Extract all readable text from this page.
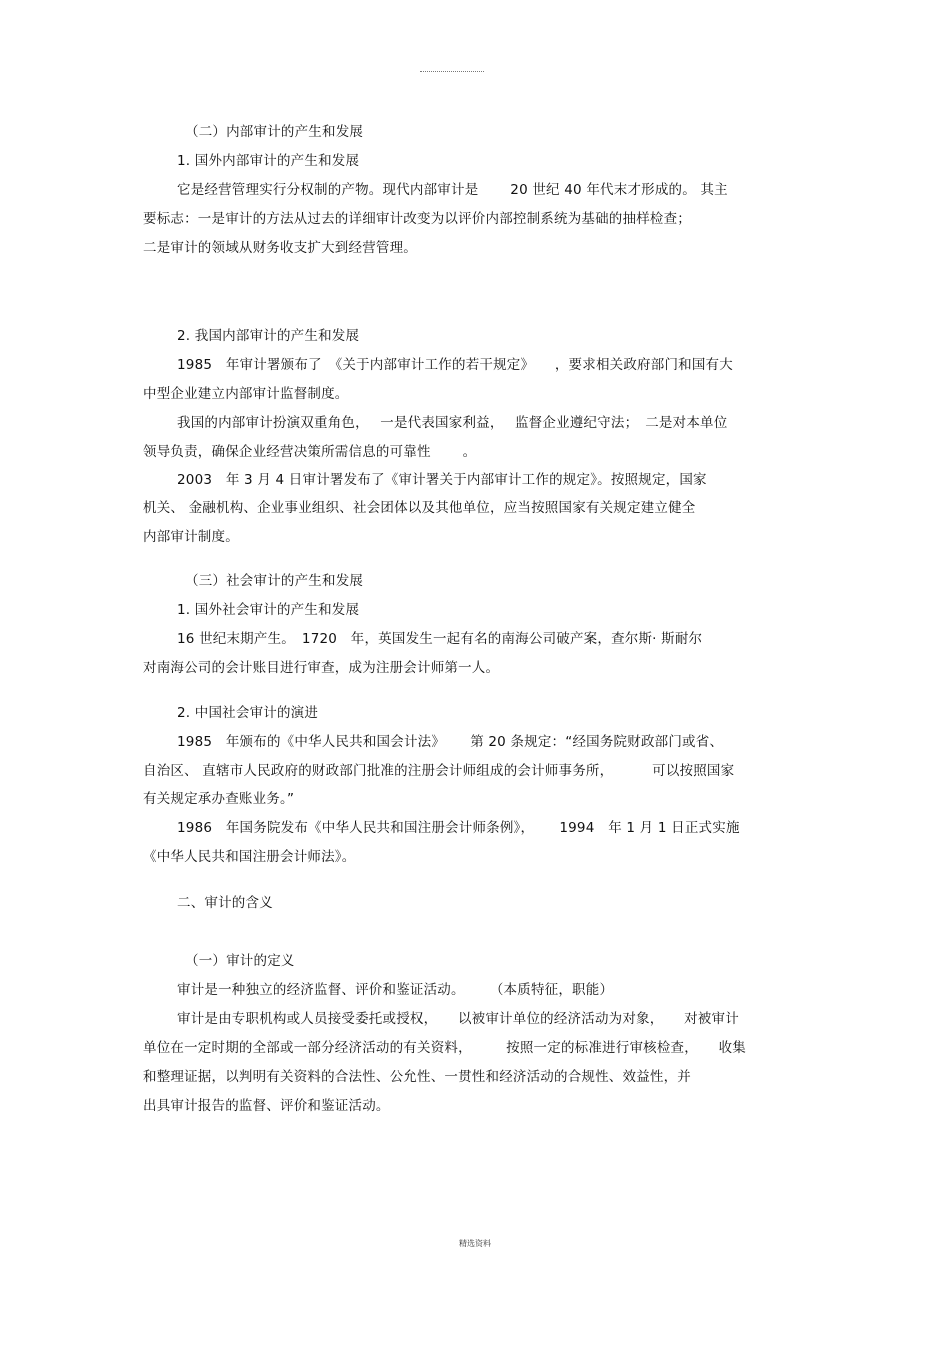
（二）内部审计的产生和发展
1. 国外内部审计的产生和发展
它是经营管理实行分权制的产物。现代内部审计是　　 20 世纪 40 年代末才形成的。 其主
要标志：一是审计的方法从过去的详细审计改变为以评价内部控制系统为基础的抽样检查；
二是审计的领域从财务收支扩大到经营管理。
2. 我国内部审计的产生和发展
1985　年审计署颁布了　《关于内部审计工作的若干规定》　　，要求相关政府部门和国有大
中型企业建立内部审计监督制度。
我国的内部审计扮演双重角色，　 一是代表国家利益，　 监督企业遵纪守法；　二是对本单位
领导负责，确保企业经营决策所需信息的可靠性　　 。
2003　年 3 月 4 日审计署发布了《审计署关于内部审计工作的规定》。按照规定，国家
机关、 金融机构、企业事业组织、社会团体以及其他单位，应当按照国家有关规定建立健全
内部审计制度。
（三）社会审计的产生和发展
1. 国外社会审计的产生和发展
16 世纪末期产生。　1720　年，英国发生一起有名的南海公司破产案，查尔斯· 斯耐尔
对南海公司的会计账目进行审查，成为注册会计师第一人。
2. 中国社会审计的演进
1985　年颁布的《中华人民共和国会计法》　　 第 20 条规定：“经国务院财政部门或省、
自治区、 直辖市人民政府的财政部门批准的注册会计师组成的会计师事务所，　　　 可以按照国家
有关规定承办查账业务。”
1986　年国务院发布《中华人民共和国注册会计师条例》，　　 1994　年 1 月 1 日正式实施
《中华人民共和国注册会计师法》。
二、审计的含义
（一）审计的定义
审计是一种独立的经济监督、评价和鉴证活动。　　 （本质特征，职能）
审计是由专职机构或人员接受委托或授权，　　以被审计单位的经济活动为对象，　　对被审计
单位在一定时期的全部或一部分经济活动的有关资料，　　　按照一定的标准进行审核检查，　　收集
和整理证据，以判明有关资料的合法性、公允性、一贯性和经济活动的合规性、效益性，并
出具审计报告的监督、评价和鉴证活动。
精选资料
